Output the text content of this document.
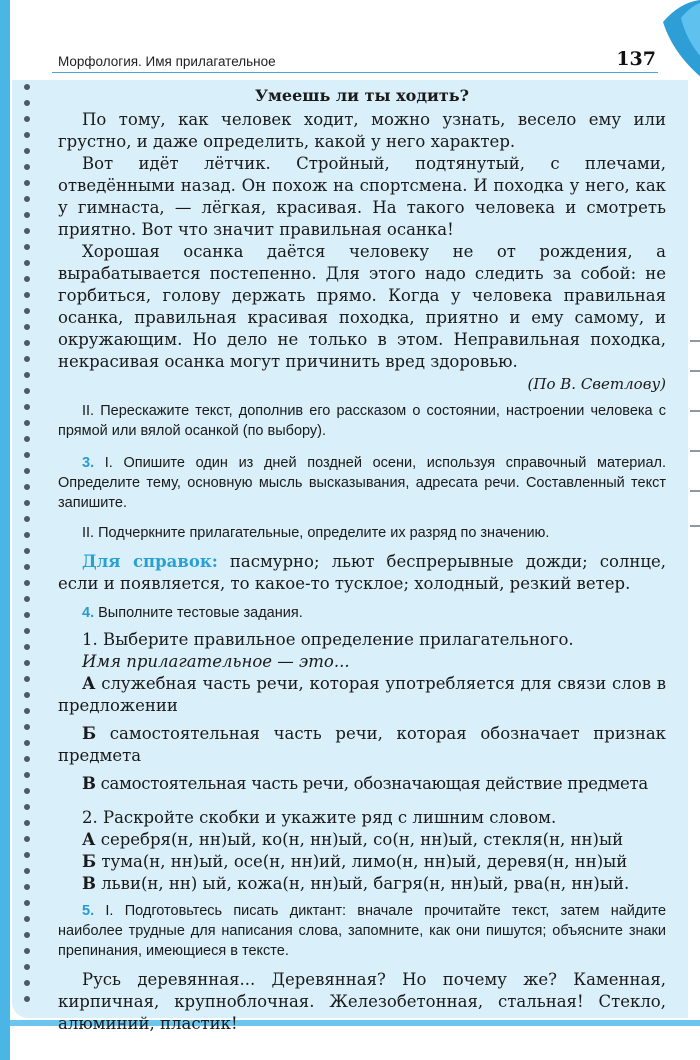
Морфология. Имя прилагательное	137
Умеешь ли ты ходить?

По тому, как человек ходит, можно узнать, весело ему или грустно, и даже определить, какой у него характер.

Вот идёт лётчик. Стройный, подтянутый, с плечами, отведёнными назад. Он похож на спортсмена. И походка у него, как у гимнаста, — лёгкая, красивая. На такого человека и смотреть приятно. Вот что значит правильная осанка!

Хорошая осанка даётся человеку не от рождения, а вырабатывается постепенно. Для этого надо следить за собой: не горбиться, голову держать прямо. Когда у человека правильная осанка, правильная красивая походка, приятно и ему самому, и окружающим. Но дело не только в этом. Неправильная походка, некрасивая осанка могут причинить вред здоровью.

(По В. Светлову)

II. Перескажите текст, дополнив его рассказом о состоянии, настроении человека с прямой или вялой осанкой (по выбору).

3. I. Опишите один из дней поздней осени, используя справочный материал. Определите тему, основную мысль высказывания, адресата речи. Составленный текст запишите.

II. Подчеркните прилагательные, определите их разряд по значению.

Для справок: пасмурно; льют беспрерывные дожди; солнце, если и появляется, то какое-то тусклое; холодный, резкий ветер.

4. Выполните тестовые задания.

1. Выберите правильное определение прилагательного.

Имя прилагательное — это...

А служебная часть речи, которая употребляется для связи слов в предложении

Б самостоятельная часть речи, которая обозначает признак предмета

В самостоятельная часть речи, обозначающая действие предмета

2. Раскройте скобки и укажите ряд с лишним словом.

А серебря(н, нн)ый, ко(н, нн)ый, со(н, нн)ый, стекля(н, нн)ый

Б тума(н, нн)ый, осе(н, нн)ий, лимо(н, нн)ый, деревя(н, нн)ый

В льви(н, нн) ый, кожа(н, нн)ый, багря(н, нн)ый, рва(н, нн)ый.

5. I. Подготовьтесь писать диктант: вначале прочитайте текст, затем найдите наиболее трудные для написания слова, запомните, как они пишутся; объясните знаки препинания, имеющиеся в тексте.

Русь деревянная... Деревянная? Но почему же? Каменная, кирпичная, крупноблочная. Железобетонная, стальная! Стекло, алюминий, пластик!
